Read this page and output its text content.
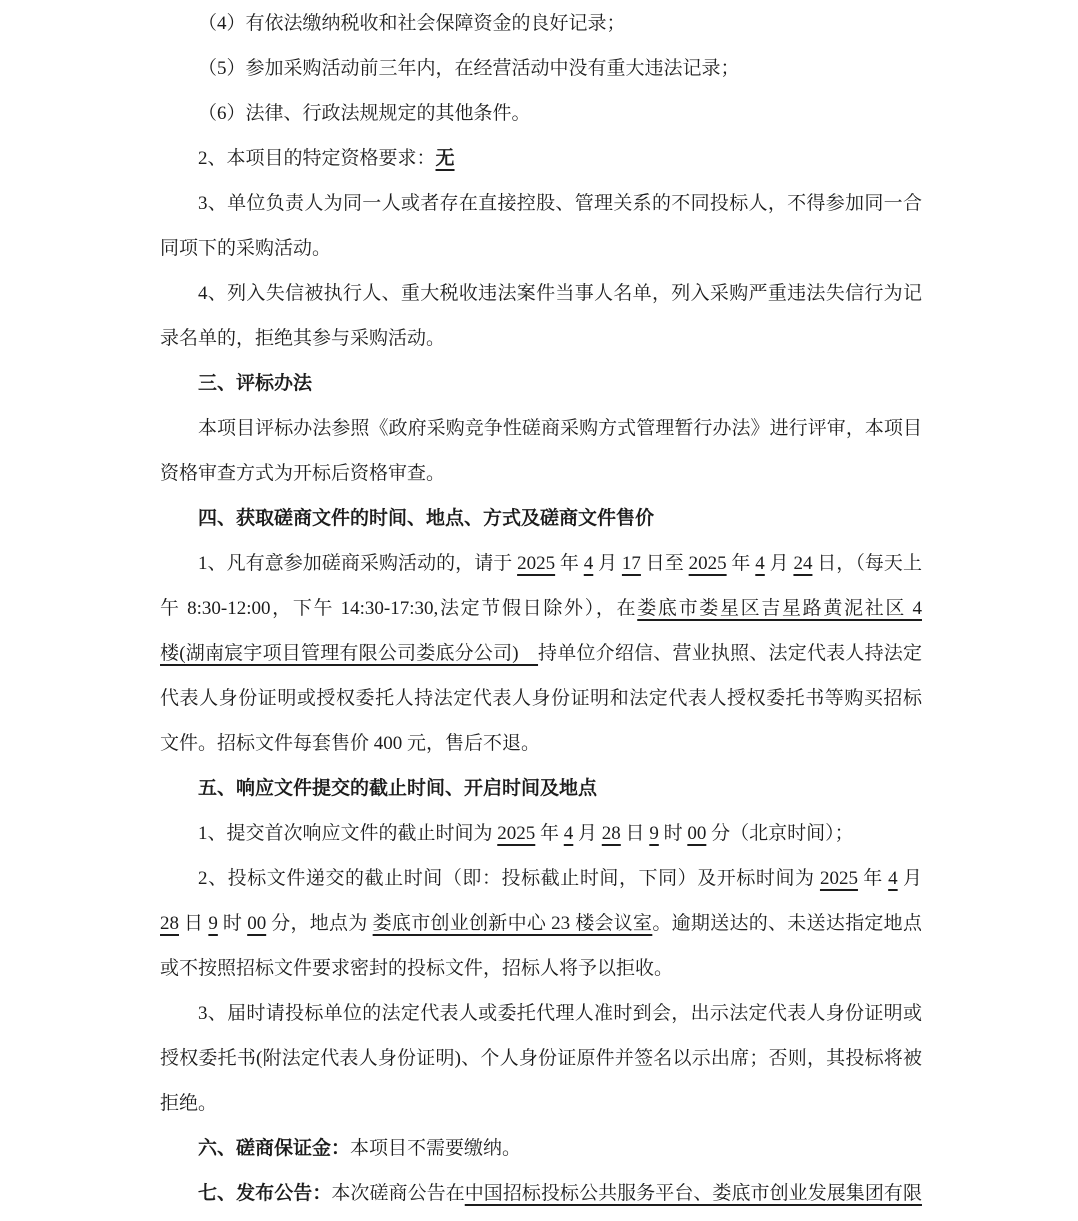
（4）有依法缴纳税收和社会保障资金的良好记录；
（5）参加采购活动前三年内，在经营活动中没有重大违法记录；
（6）法律、行政法规规定的其他条件。
2、本项目的特定资格要求：无
3、单位负责人为同一人或者存在直接控股、管理关系的不同投标人，不得参加同一合
同项下的采购活动。
4、列入失信被执行人、重大税收违法案件当事人名单，列入采购严重违法失信行为记
录名单的，拒绝其参与采购活动。
三、评标办法
本项目评标办法参照《政府采购竞争性磋商采购方式管理暂行办法》进行评审，本项目
资格审查方式为开标后资格审查。
四、获取磋商文件的时间、地点、方式及磋商文件售价
1、凡有意参加磋商采购活动的，请于 2025 年 4 月 17 日至 2025 年 4 月 24 日，（每天上
午 8:30-12:00，下午 14:30-17:30,法定节假日除外），在娄底市娄星区吉星路黄泥社区 4
楼(湖南宸宇项目管理有限公司娄底分公司)　持单位介绍信、营业执照、法定代表人持法定
代表人身份证明或授权委托人持法定代表人身份证明和法定代表人授权委托书等购买招标
文件。招标文件每套售价 400 元，售后不退。
五、响应文件提交的截止时间、开启时间及地点
1、提交首次响应文件的截止时间为 2025 年 4 月 28 日 9 时 00 分（北京时间）；
2、投标文件递交的截止时间（即：投标截止时间，下同）及开标时间为 2025 年 4 月
28 日 9 时 00 分，地点为 娄底市创业创新中心 23 楼会议室。逾期送达的、未送达指定地点
或不按照招标文件要求密封的投标文件，招标人将予以拒收。
3、届时请投标单位的法定代表人或委托代理人准时到会，出示法定代表人身份证明或
授权委托书(附法定代表人身份证明)、个人身份证原件并签名以示出席；否则，其投标将被
拒绝。
六、磋商保证金：本项目不需要缴纳。
七、发布公告：本次磋商公告在中国招标投标公共服务平台、娄底市创业发展集团有限
